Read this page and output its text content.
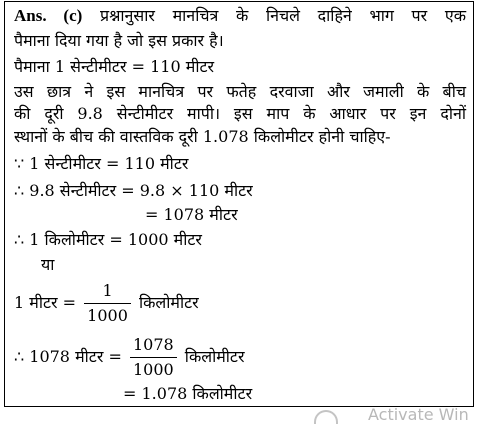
Ans. (c) प्रश्नानुसार मानचित्र के निचले दाहिने भाग पर एक
पैमाना दिया गया है जो इस प्रकार है।
पैमाना 1 सेन्टीमीटर = 110 मीटर
उस छात्र ने इस मानचित्र पर फतेह दरवाजा और जमाली के बीच
की दूरी 9.8 सेन्टीमीटर मापी। इस माप के आधार पर इन दोनों
स्थानों के बीच की वास्तविक दूरी 1.078 किलोमीटर होनी चाहिए-
∵ 1 सेन्टीमीटर = 110 मीटर
∴ 9.8 सेन्टीमीटर = 9.8 × 110 मीटर
= 1078 मीटर
∴ 1 किलोमीटर = 1000 मीटर
या
1 मीटर = $\frac{1}{1000}$ किलोमीटर
∴ 1078 मीटर = $\frac{1078}{1000}$ किलोमीटर
= 1.078 किलोमीटर
Activate Win
